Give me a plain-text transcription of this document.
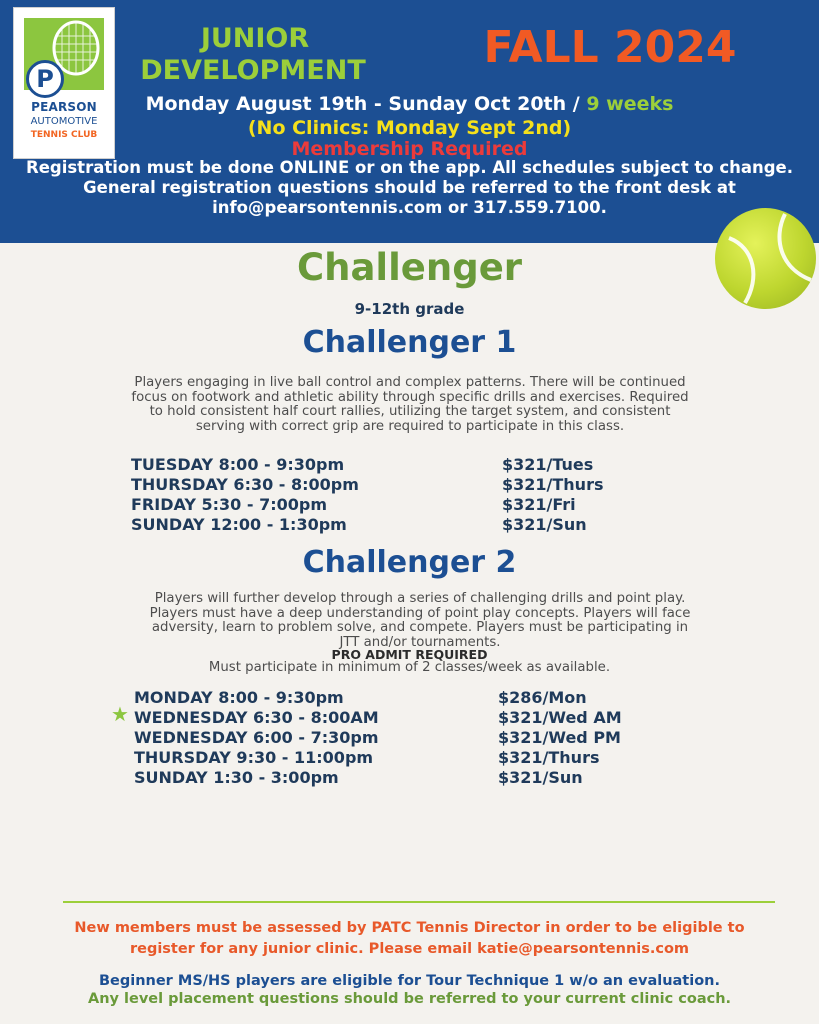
P
PEARSON
AUTOMOTIVE
TENNIS CLUB
JUNIOR
DEVELOPMENT	FALL 2024
Monday August 19th - Sunday Oct 20th / 9 weeks
(No Clinics: Monday Sept 2nd)
Membership Required
Registration must be done ONLINE or on the app. All schedules subject to change.
General registration questions should be referred to the front desk at
info@pearsontennis.com or 317.559.7100.
Challenger
9-12th grade
Challenger 1
Players engaging in live ball control and complex patterns. There will be continued
focus on footwork and athletic ability through specific drills and exercises. Required
to hold consistent half court rallies, utilizing the target system, and consistent
serving with correct grip are required to participate in this class.
TUESDAY 8:00 - 9:30pm
THURSDAY 6:30 - 8:00pm
FRIDAY 5:30 - 7:00pm
SUNDAY 12:00 - 1:30pm
$321/Tues
$321/Thurs
$321/Fri
$321/Sun
Challenger 2
Players will further develop through a series of challenging drills and point play.
Players must have a deep understanding of point play concepts. Players will face
adversity, learn to problem solve, and compete. Players must be participating in
JTT and/or tournaments.
PRO ADMIT REQUIRED
Must participate in minimum of 2 classes/week as available.
★
MONDAY 8:00 - 9:30pm
WEDNESDAY 6:30 - 8:00AM
WEDNESDAY 6:00 - 7:30pm
THURSDAY 9:30 - 11:00pm
SUNDAY 1:30 - 3:00pm
$286/Mon
$321/Wed AM
$321/Wed PM
$321/Thurs
$321/Sun
New members must be assessed by PATC Tennis Director in order to be eligible to
register for any junior clinic. Please email katie@pearsontennis.com
Beginner MS/HS players are eligible for Tour Technique 1 w/o an evaluation.
Any level placement questions should be referred to your current clinic coach.
